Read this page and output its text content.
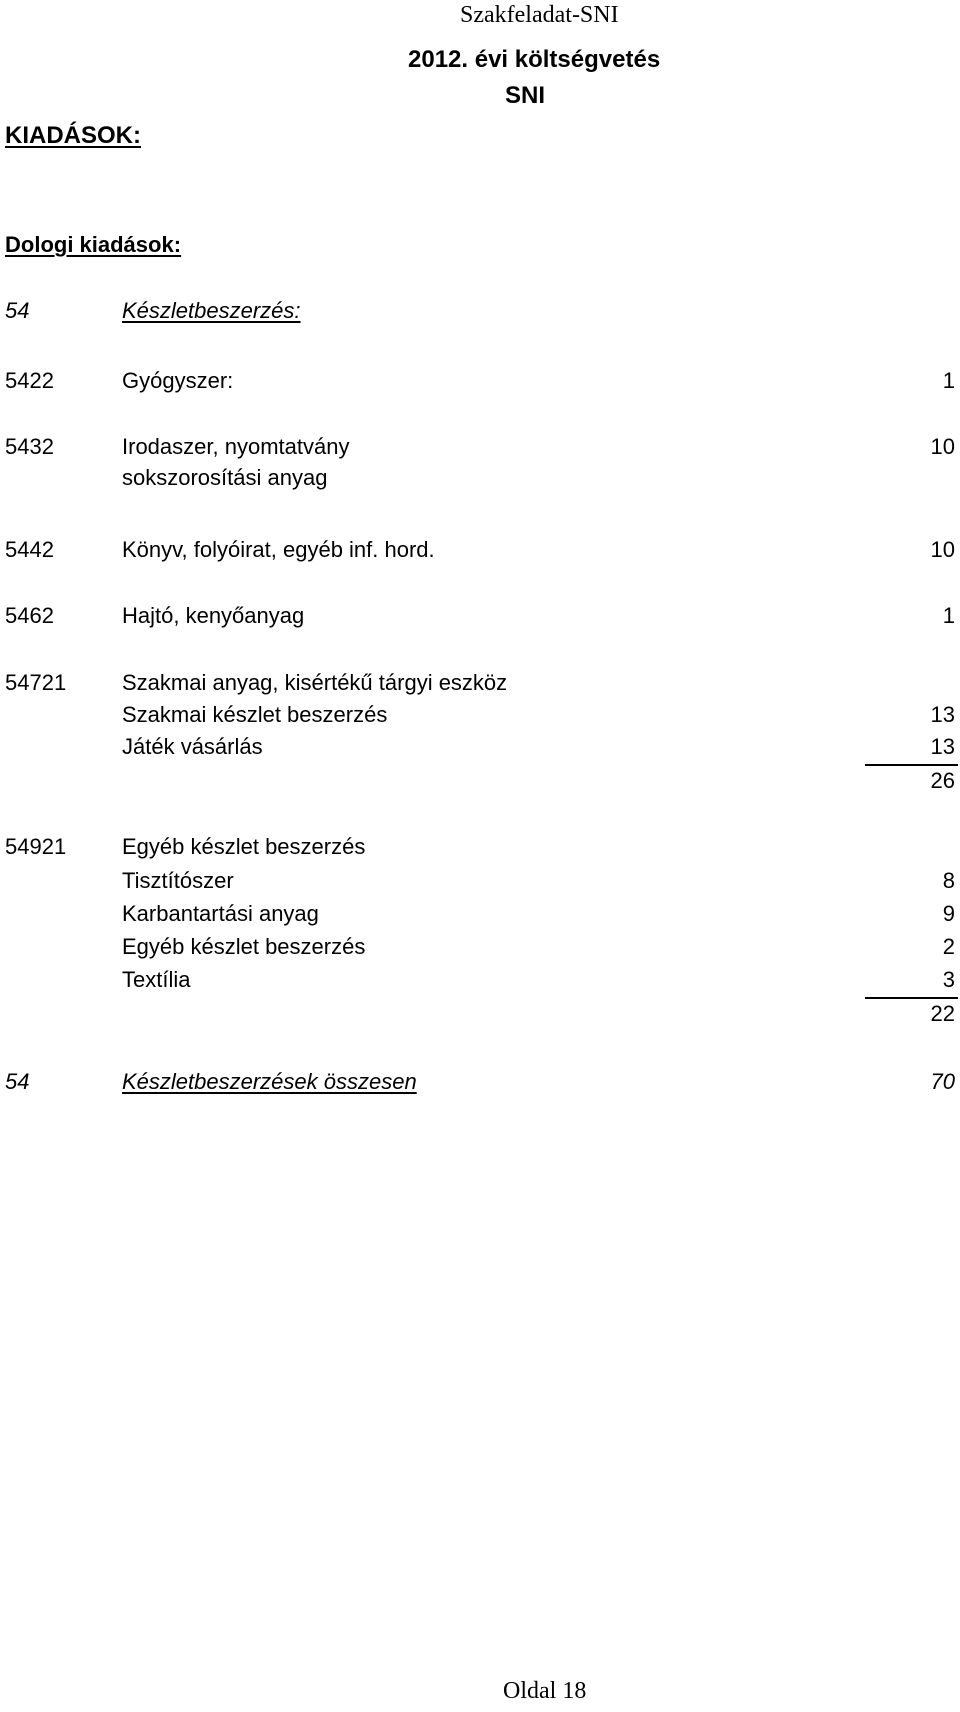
Szakfeladat-SNI
2012. évi költségvetés
SNI
KIADÁSOK:
Dologi kiadások:
54	Készletbeszerzés:
5422	Gyógyszer:	1
5432	Irodaszer, nyomtatvány
sokszorosítási anyag
10
5442	Könyv, folyóirat, egyéb inf. hord.	10
5462	Hajtó, kenyőanyag	1
54721	Szakmai anyag, kisértékű tárgyi eszköz
Szakmai készlet beszerzés	13
Játék vásárlás	13
26
54921	Egyéb készlet beszerzés
Tisztítószer	8
Karbantartási anyag	9
Egyéb készlet beszerzés	2
Textília	3
22
54	Készletbeszerzések összesen	70
Oldal 18
